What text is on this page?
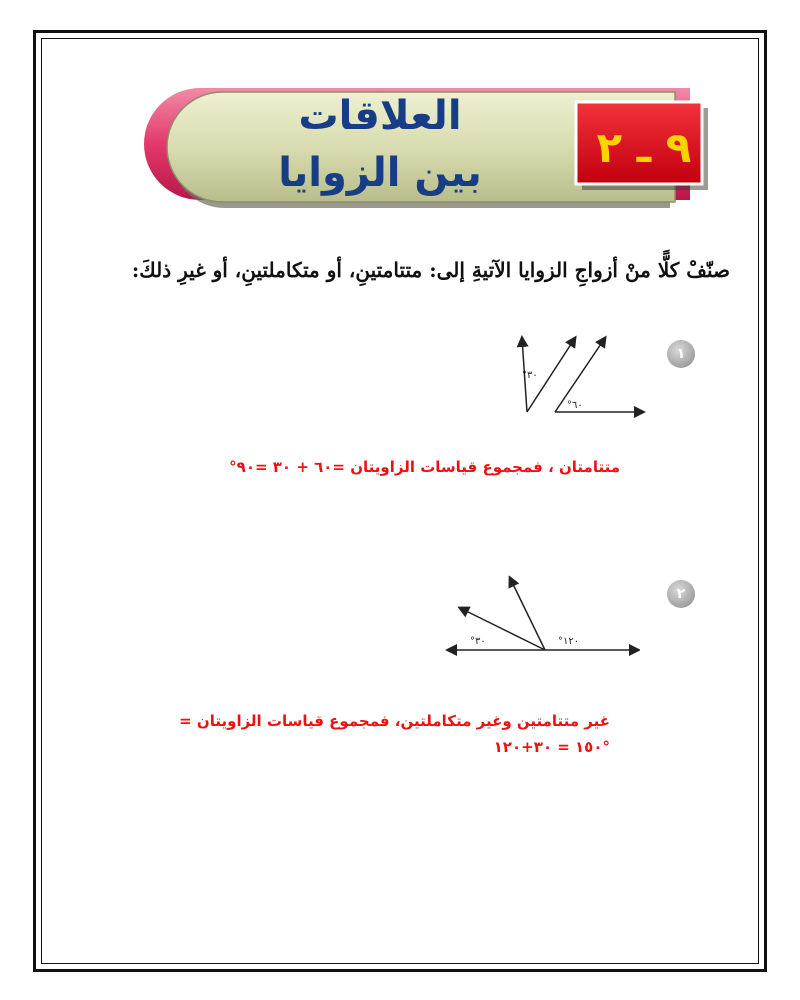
العلاقات
بين الزوايا
٩ ـ ٢
صنّفْ كلًّا منْ أزواجِ الزوايا الآتيةِ إلى: متتامتينِ، أو متكاملتينِ، أو غيرِ ذلكَ:
١
°٣٠
°٦٠
متتامتان ، فمجموع قياسات الزاويتان =٦٠ + ٣٠ =٩٠°
٢
°٣٠	°١٢٠
غير متتامتين وغير متكاملتين، فمجموع قياسات الزاويتان =
°١٥٠ = ٣٠+١٢٠
